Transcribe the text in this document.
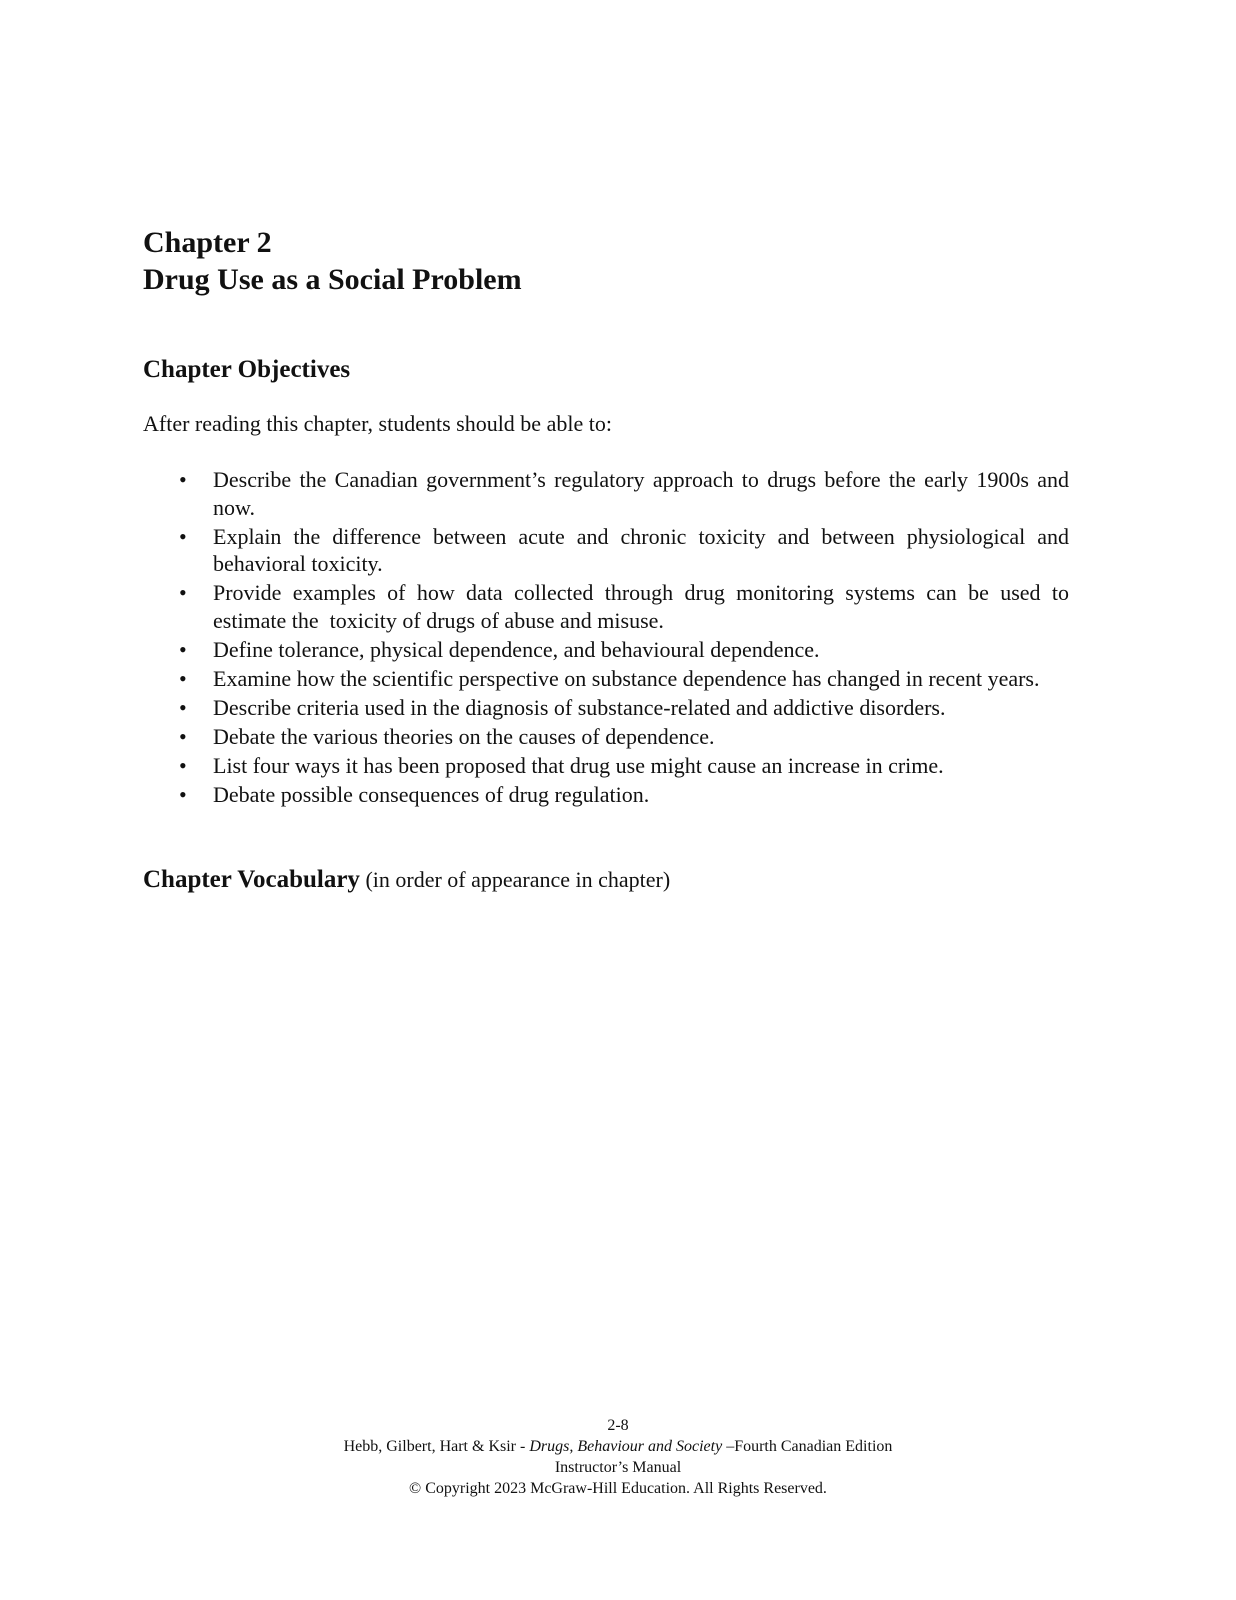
Chapter 2
Drug Use as a Social Problem
Chapter Objectives

After reading this chapter, students should be able to:

• Describe the Canadian government’s regulatory approach to drugs before the early 1900s and now.
• Explain the difference between acute and chronic toxicity and between physiological and behavioral toxicity.
• Provide examples of how data collected through drug monitoring systems can be used to estimate the  toxicity of drugs of abuse and misuse.
• Define tolerance, physical dependence, and behavioural dependence.
• Examine how the scientific perspective on substance dependence has changed in recent years.
• Describe criteria used in the diagnosis of substance-related and addictive disorders.
• Debate the various theories on the causes of dependence.
• List four ways it has been proposed that drug use might cause an increase in crime.
• Debate possible consequences of drug regulation.
Chapter Vocabulary (in order of appearance in chapter)
2-8
Hebb, Gilbert, Hart & Ksir - Drugs, Behaviour and Society –Fourth Canadian Edition
Instructor’s Manual
© Copyright 2023 McGraw-Hill Education. All Rights Reserved.
